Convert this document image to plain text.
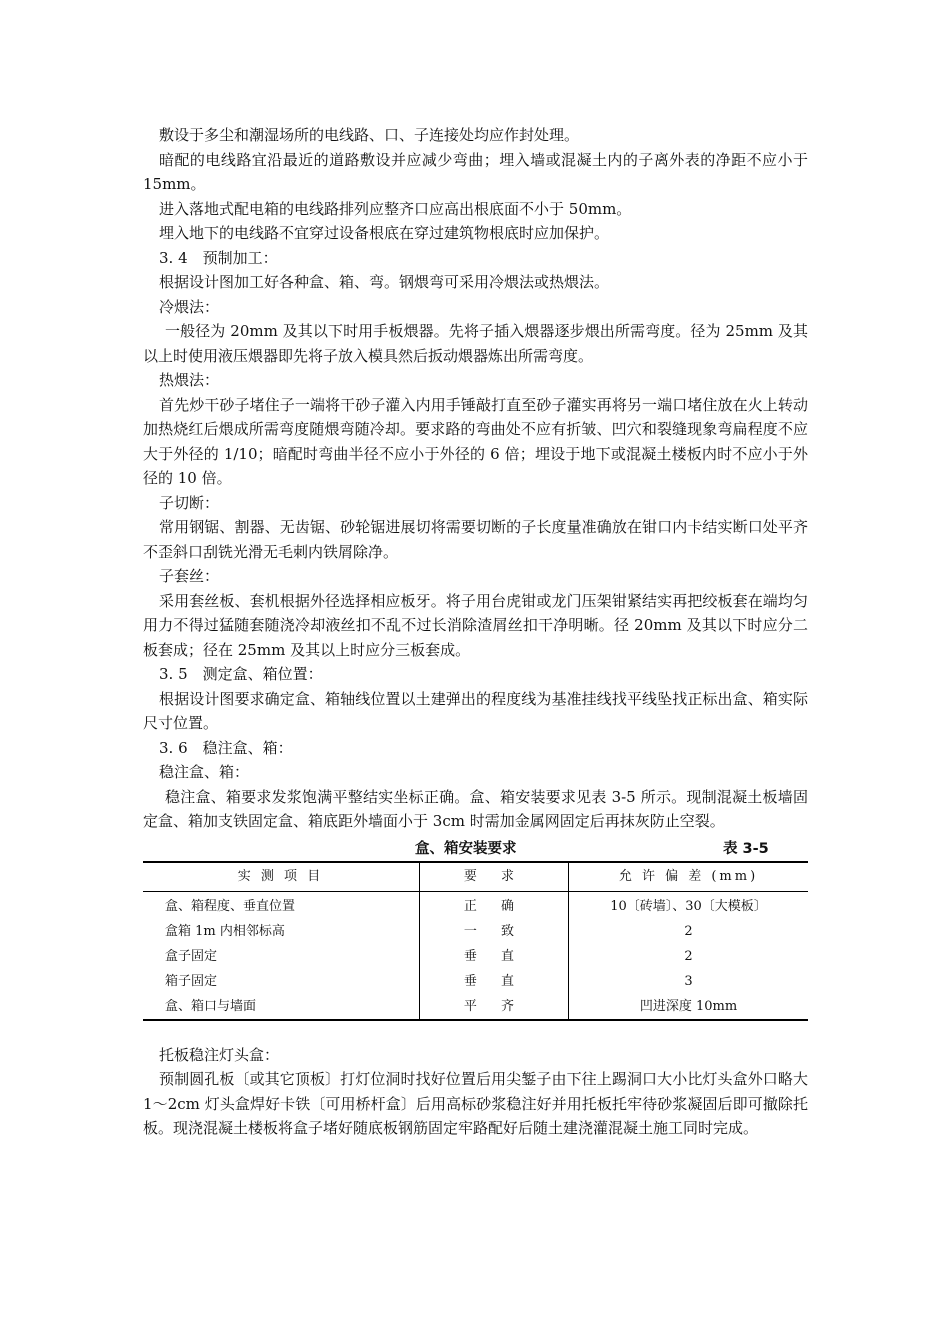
敷设于多尘和潮湿场所的电线路、口、子连接处均应作封处理。

暗配的电线路宜沿最近的道路敷设并应减少弯曲；埋入墙或混凝土内的子离外表的净距不应小于 15mm。

进入落地式配电箱的电线路排列应整齐口应高出根底面不小于 50mm。

埋入地下的电线路不宜穿过设备根底在穿过建筑物根底时应加保护。

3. 4　预制加工：

根据设计图加工好各种盒、箱、弯。钢煨弯可采用冷煨法或热煨法。

冷煨法：

一般径为 20mm 及其以下时用手板煨器。先将子插入煨器逐步煨出所需弯度。径为 25mm 及其以上时使用液压煨器即先将子放入模具然后扳动煨器炼出所需弯度。

热煨法：

首先炒干砂子堵住子一端将干砂子灌入内用手锤敲打直至砂子灌实再将另一端口堵住放在火上转动加热烧红后煨成所需弯度随煨弯随冷却。要求路的弯曲处不应有折皱、凹穴和裂缝现象弯扁程度不应大于外径的 1/10；暗配时弯曲半径不应小于外径的 6 倍；埋设于地下或混凝土楼板内时不应小于外径的 10 倍。

子切断：

常用钢锯、割器、无齿锯、砂轮锯进展切将需要切断的子长度量准确放在钳口内卡结实断口处平齐不歪斜口刮铣光滑无毛刺内铁屑除净。

子套丝：

采用套丝板、套机根据外径选择相应板牙。将子用台虎钳或龙门压架钳紧结实再把绞板套在端均匀用力不得过猛随套随浇冷却液丝扣不乱不过长消除渣屑丝扣干净明晰。径 20mm 及其以下时应分二板套成；径在 25mm 及其以上时应分三板套成。

3. 5　测定盒、箱位置：

根据设计图要求确定盒、箱轴线位置以土建弹出的程度线为基准挂线找平线坠找正标出盒、箱实际尺寸位置。

3. 6　稳注盒、箱：

稳注盒、箱：

稳注盒、箱要求发浆饱满平整结实坐标正确。盒、箱安装要求见表 3-5 所示。现制混凝土板墙固定盒、箱加支铁固定盒、箱底距外墙面小于 3cm 时需加金属网固定后再抹灰防止空裂。

盒、箱安装要求	表 3-5
实 测 项 目	要 求	允 许 偏 差 (mm)
盒、箱程度、垂直位置	正 确	10〔砖墙〕、30〔大模板〕
盒箱 1m 内相邻标高	一 致	2
盒子固定	垂 直	2
箱子固定	垂 直	3
盒、箱口与墙面	平 齐	凹进深度 10mm

托板稳注灯头盒：

预制圆孔板〔或其它顶板〕打灯位洞时找好位置后用尖錾子由下往上踢洞口大小比灯头盒外口略大 1～2cm 灯头盒焊好卡铁〔可用桥杆盒〕后用高标砂浆稳注好并用托板托牢待砂浆凝固后即可撤除托板。现浇混凝土楼板将盒子堵好随底板钢筋固定牢路配好后随土建浇灌混凝土施工同时完成。
